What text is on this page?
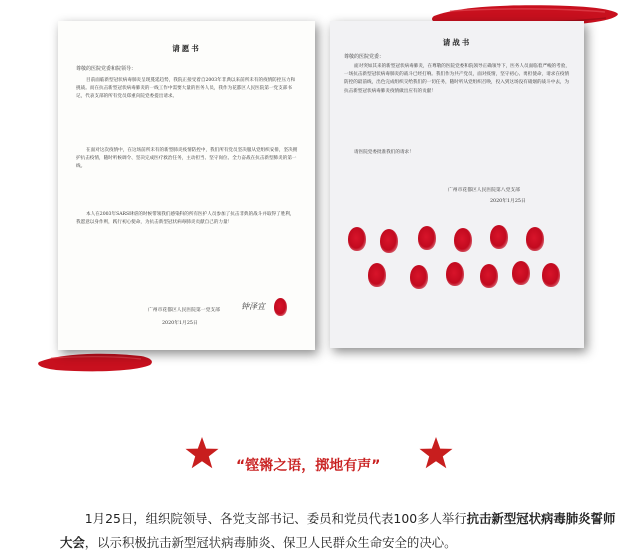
请愿书
尊敬的医院党委和院领导：
目前面临新型冠状病毒肺炎呈现蔓延趋势，我院正接受着自2003年非典以来前所未有的疫情防控压力和挑战。而在抗击新型冠状病毒肺炎的一线工作中需要大量的医务人员，我作为花都区人民医院第一党支部书记，代表支部的所有党员郑重向院党委提出请求。
在面对这次疫情中，在这场前所未有的新型肺炎疫情防控中，我们所有党员坚决服从党组织安排，坚决拥护抗击疫情，随时听候调令、坚决完成医疗救治任务，主动担当、坚守岗位、全力奋战在抗击新型肺炎的第一线。
本人在2003年SARS肆虐的时候带领我们感染科的所有医护人员参加了抗击非典的战斗并取得了胜利，我愿意以身作则，践行初心使命，为抗击新型冠状病毒肺炎贡献自己的力量！
广州市花都区人民医院第一党支部	钟泽宜
2020年1月25日
请战书
尊敬的医院党委：
面对突如其来的新型冠状病毒肺炎，在尊敬的医院党委和院领导正确领导下，医务人员面临着严峻的考验，一场抗击新型冠状病毒肺炎的战斗已经打响。我们作为共产党员，面对疫情，坚守初心、勇担使命，请求在疫情防控的最前线，出色完成组织交给我们的一切任务，随时听从党组织召唤，投入到这场没有硝烟的战斗中去，为抗击新型冠状病毒肺炎疫情做出应有的贡献！
请医院党委批准我们的请求！
广州市花都区人民医院第八党支部
2020年1月25日
“铿锵之语，掷地有声”
1月25日，组织院领导、各党支部书记、委员和党员代表100多人举行抗击新型冠状病毒肺炎誓师大会，以示积极抗击新型冠状病毒肺炎、保卫人民群众生命安全的决心。
